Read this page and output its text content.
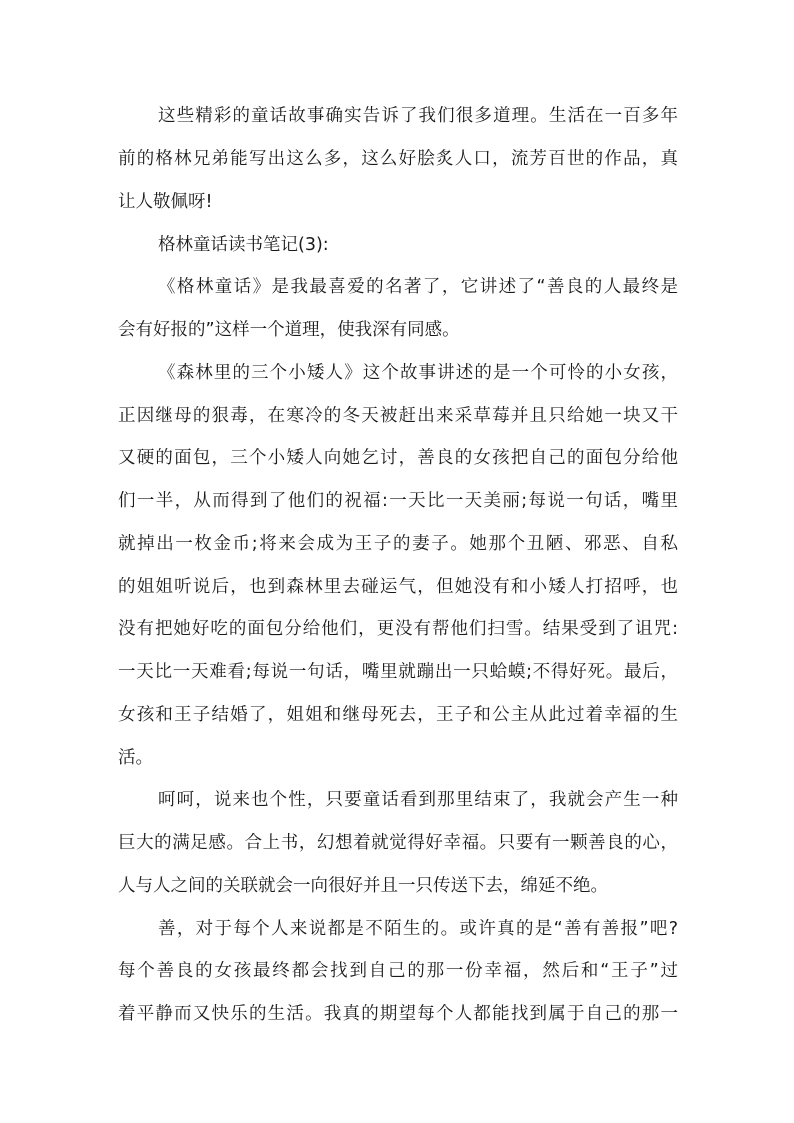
这些精彩的童话故事确实告诉了我们很多道理。生活在一百多年
前的格林兄弟能写出这么多，这么好脍炙人口，流芳百世的作品，真
让人敬佩呀!
格林童话读书笔记(3):
《格林童话》是我最喜爱的名著了，它讲述了“善良的人最终是
会有好报的”这样一个道理，使我深有同感。
《森林里的三个小矮人》这个故事讲述的是一个可怜的小女孩，
正因继母的狠毒，在寒冷的冬天被赶出来采草莓并且只给她一块又干
又硬的面包，三个小矮人向她乞讨，善良的女孩把自己的面包分给他
们一半，从而得到了他们的祝福:一天比一天美丽;每说一句话，嘴里
就掉出一枚金币;将来会成为王子的妻子。她那个丑陋、邪恶、自私
的姐姐听说后，也到森林里去碰运气，但她没有和小矮人打招呼，也
没有把她好吃的面包分给他们，更没有帮他们扫雪。结果受到了诅咒:
一天比一天难看;每说一句话，嘴里就蹦出一只蛤蟆;不得好死。最后，
女孩和王子结婚了，姐姐和继母死去，王子和公主从此过着幸福的生
活。
呵呵，说来也个性，只要童话看到那里结束了，我就会产生一种
巨大的满足感。合上书，幻想着就觉得好幸福。只要有一颗善良的心，
人与人之间的关联就会一向很好并且一只传送下去，绵延不绝。
善，对于每个人来说都是不陌生的。或许真的是“善有善报”吧?
每个善良的女孩最终都会找到自己的那一份幸福，然后和“王子”过
着平静而又快乐的生活。我真的期望每个人都能找到属于自己的那一
